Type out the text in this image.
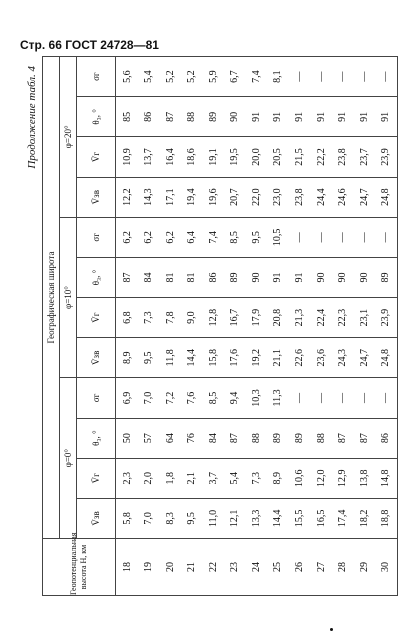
Стр. 66 ГОСТ 24728—81
Продолжение табл. 4
Геопотенциальная высота H, км	Географическая широта											
	φ=0°				φ=10°				φ=20°			
	V̄зв	V̄г	θ₃, °	σг	V̄зв	V̄г	θ₃, °	σг	V̄зв	V̄г	θ₃, °	σг
18	5,8	2,3	50	6,9	8,9	6,8	87	6,2	12,2	10,9	85	5,6
19	7,0	2,0	57	7,0	9,5	7,3	84	6,2	14,3	13,7	86	5,4
20	8,3	1,8	64	7,2	11,8	7,8	81	6,2	17,1	16,4	87	5,2
21	9,5	2,1	76	7,6	14,4	9,0	81	6,4	19,4	18,6	88	5,2
22	11,0	3,7	84	8,5	15,8	12,8	86	7,4	19,6	19,1	89	5,9
23	12,1	5,4	87	9,4	17,6	16,7	89	8,5	20,7	19,5	90	6,7
24	13,3	7,3	88	10,3	19,2	17,9	90	9,5	22,0	20,0	91	7,4
25	14,4	8,9	89	11,3	21,1	20,8	91	10,5	23,0	20,5	91	8,1
26	15,5	10,6	89	—	22,6	21,3	91	—	23,8	21,5	91	—
27	16,5	12,0	88	—	23,6	22,4	90	—	24,4	22,2	91	—
28	17,4	12,9	87	—	24,3	22,3	90	—	24,6	23,8	91	—
29	18,2	13,8	87	—	24,7	23,1	90	—	24,7	23,7	91	—
30	18,8	14,8	86	—	24,8	23,9	89	—	24,8	23,9	91	—
